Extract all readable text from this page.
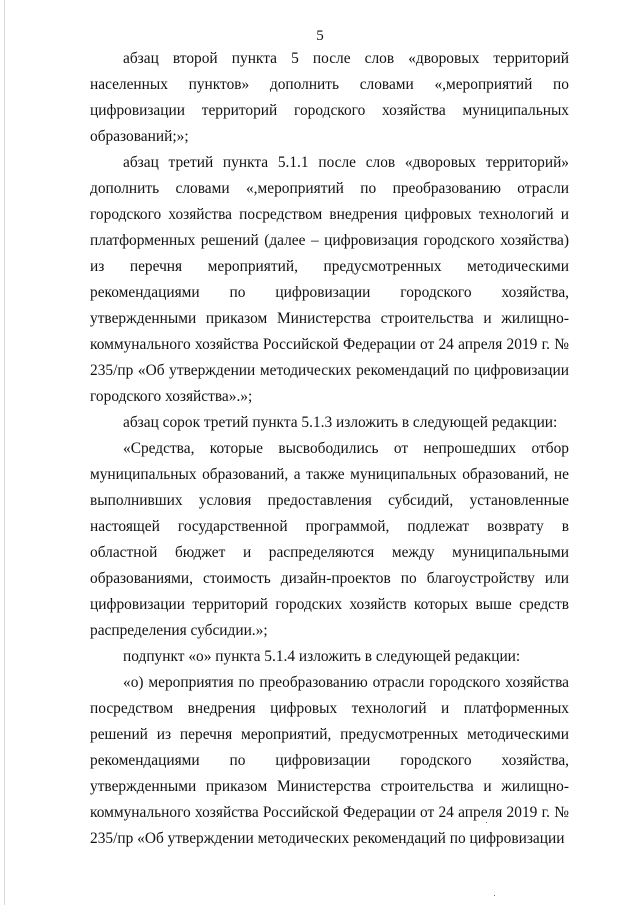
5

абзац второй пункта 5 после слов «дворовых территорий населенных пунктов» дополнить словами «,мероприятий по цифровизации территорий городского хозяйства муниципальных образований;»;

абзац третий пункта 5.1.1 после слов «дворовых территорий» дополнить словами «,мероприятий по преобразованию отрасли городского хозяйства посредством внедрения цифровых технологий и платформенных решений (далее – цифровизация городского хозяйства) из перечня мероприятий, предусмотренных методическими рекомендациями по цифровизации городского хозяйства, утвержденными приказом Министерства строительства и жилищно-коммунального хозяйства Российской Федерации от 24 апреля 2019 г. № 235/пр «Об утверждении методических рекомендаций по цифровизации городского хозяйства».»;

абзац сорок третий пункта 5.1.3 изложить в следующей редакции:

«Средства, которые высвободились от непрошедших отбор муниципальных образований, а также муниципальных образований, не выполнивших условия предоставления субсидий, установленные настоящей государственной программой, подлежат возврату в областной бюджет и распределяются между муниципальными образованиями, стоимость дизайн-проектов по благоустройству или цифровизации территорий городских хозяйств которых выше средств распределения субсидии.»;

подпункт «о» пункта 5.1.4 изложить в следующей редакции:

«о) мероприятия по преобразованию отрасли городского хозяйства посредством внедрения цифровых технологий и платформенных решений из перечня мероприятий, предусмотренных методическими рекомендациями по цифровизации городского хозяйства, утвержденными приказом Министерства строительства и жилищно-коммунального хозяйства Российской Федерации от 24 апреля 2019 г. № 235/пр «Об утверждении методических рекомендаций по цифровизации
